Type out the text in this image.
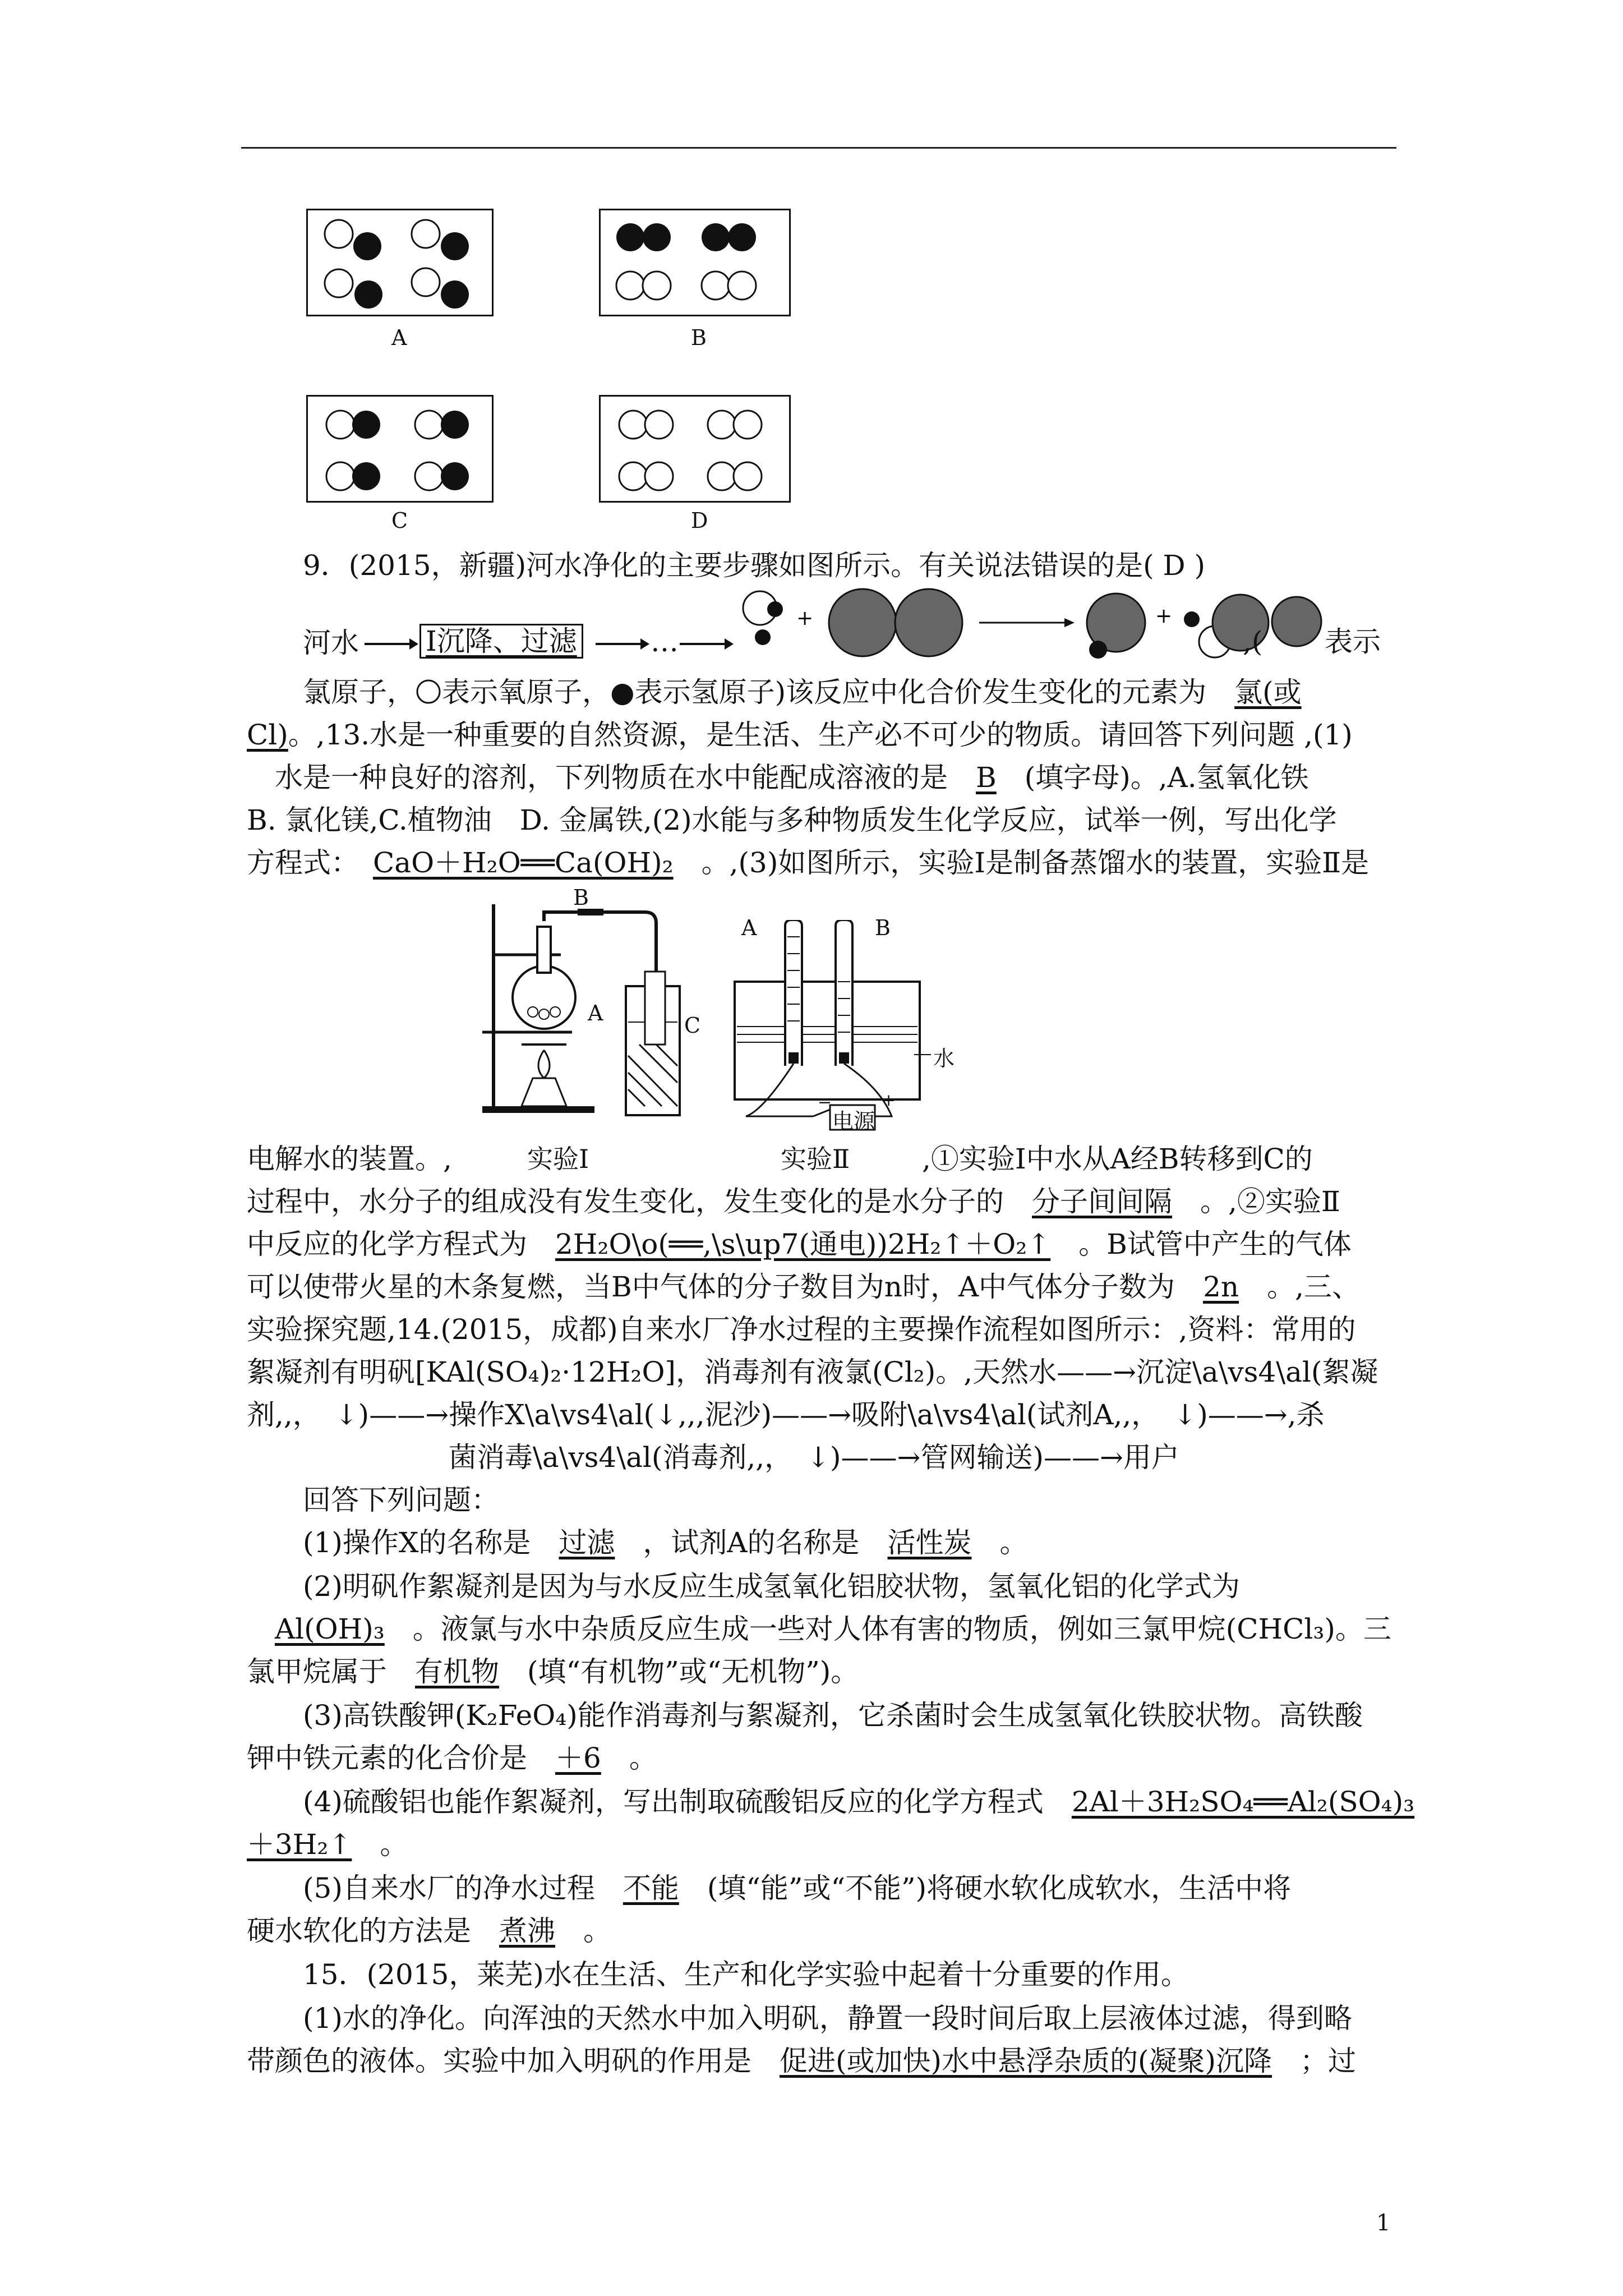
A	B
C	D
9．(2015，新疆)河水净化的主要步骤如图所示。有关说法错误的是( D )
河水 Ⅰ沉降、过滤	…
+	+
,( 表示
氯原子， 表示氧原子，●表示氢原子)该反应中化合价发生变化的元素为　 氯(或
Cl)。,13.水是一种重要的自然资源，是生活、生产必不可少的物质。请回答下列问题 ,(1)
水是一种良好的溶剂，下列物质在水中能配成溶液的是　 B　 (填字母)。,A.氢氧化铁
B. 氯化镁,C.植物油　D. 金属铁,(2)水能与多种物质发生化学反应，试举一例，写出化学
方程式：　 CaO＋H₂O══Ca(OH)₂　 。,(3)如图所示，实验Ⅰ是制备蒸馏水的装置，实验Ⅱ是
B
A	C
A	B
水
电源
−	+
电解水的装置。,	实验Ⅰ	实验Ⅱ	,①实验Ⅰ中水从A经B转移到C的
过程中，水分子的组成没有发生变化，发生变化的是水分子的　 分子间间隔　 。,②实验Ⅱ
中反应的化学方程式为　 2H₂O\o(══,\s\up7(通电))2H₂↑＋O₂↑　 。B试管中产生的气体
可以使带火星的木条复燃，当B中气体的分子数目为n时，A中气体分子数为　 2n　 。,三、
实验探究题,14.(2015，成都)自来水厂净水过程的主要操作流程如图所示：,资料：常用的
絮凝剂有明矾[KAl(SO₄)₂·12H₂O]，消毒剂有液氯(Cl₂)。,天然水——→沉淀\a\vs4\al(絮凝
剂,,，　↓)——→操作X\a\vs4\al(↓,,,泥沙)——→吸附\a\vs4\al(试剂A,,，　↓)——→,杀
菌消毒\a\vs4\al(消毒剂,,，　↓)——→管网输送)——→用户
回答下列问题：
(1)操作X的名称是　 过滤　 ，试剂A的名称是　 活性炭　 。
(2)明矾作絮凝剂是因为与水反应生成氢氧化铝胶状物，氢氧化铝的化学式为
　Al(OH)₃　 。液氯与水中杂质反应生成一些对人体有害的物质，例如三氯甲烷(CHCl₃)。三
氯甲烷属于　 有机物　 (填“有机物”或“无机物”)。
(3)高铁酸钾(K₂FeO₄)能作消毒剂与絮凝剂，它杀菌时会生成氢氧化铁胶状物。高铁酸
钾中铁元素的化合价是　 ＋6　 。
(4)硫酸铝也能作絮凝剂，写出制取硫酸铝反应的化学方程式　 2Al＋3H₂SO₄══Al₂(SO₄)₃
＋3H₂↑　 。
(5)自来水厂的净水过程　 不能　 (填“能”或“不能”)将硬水软化成软水，生活中将
硬水软化的方法是　 煮沸　 。
15．(2015，莱芜)水在生活、生产和化学实验中起着十分重要的作用。
(1)水的净化。向浑浊的天然水中加入明矾，静置一段时间后取上层液体过滤，得到略
带颜色的液体。实验中加入明矾的作用是　 促进(或加快)水中悬浮杂质的(凝聚)沉降　 ；过
1
